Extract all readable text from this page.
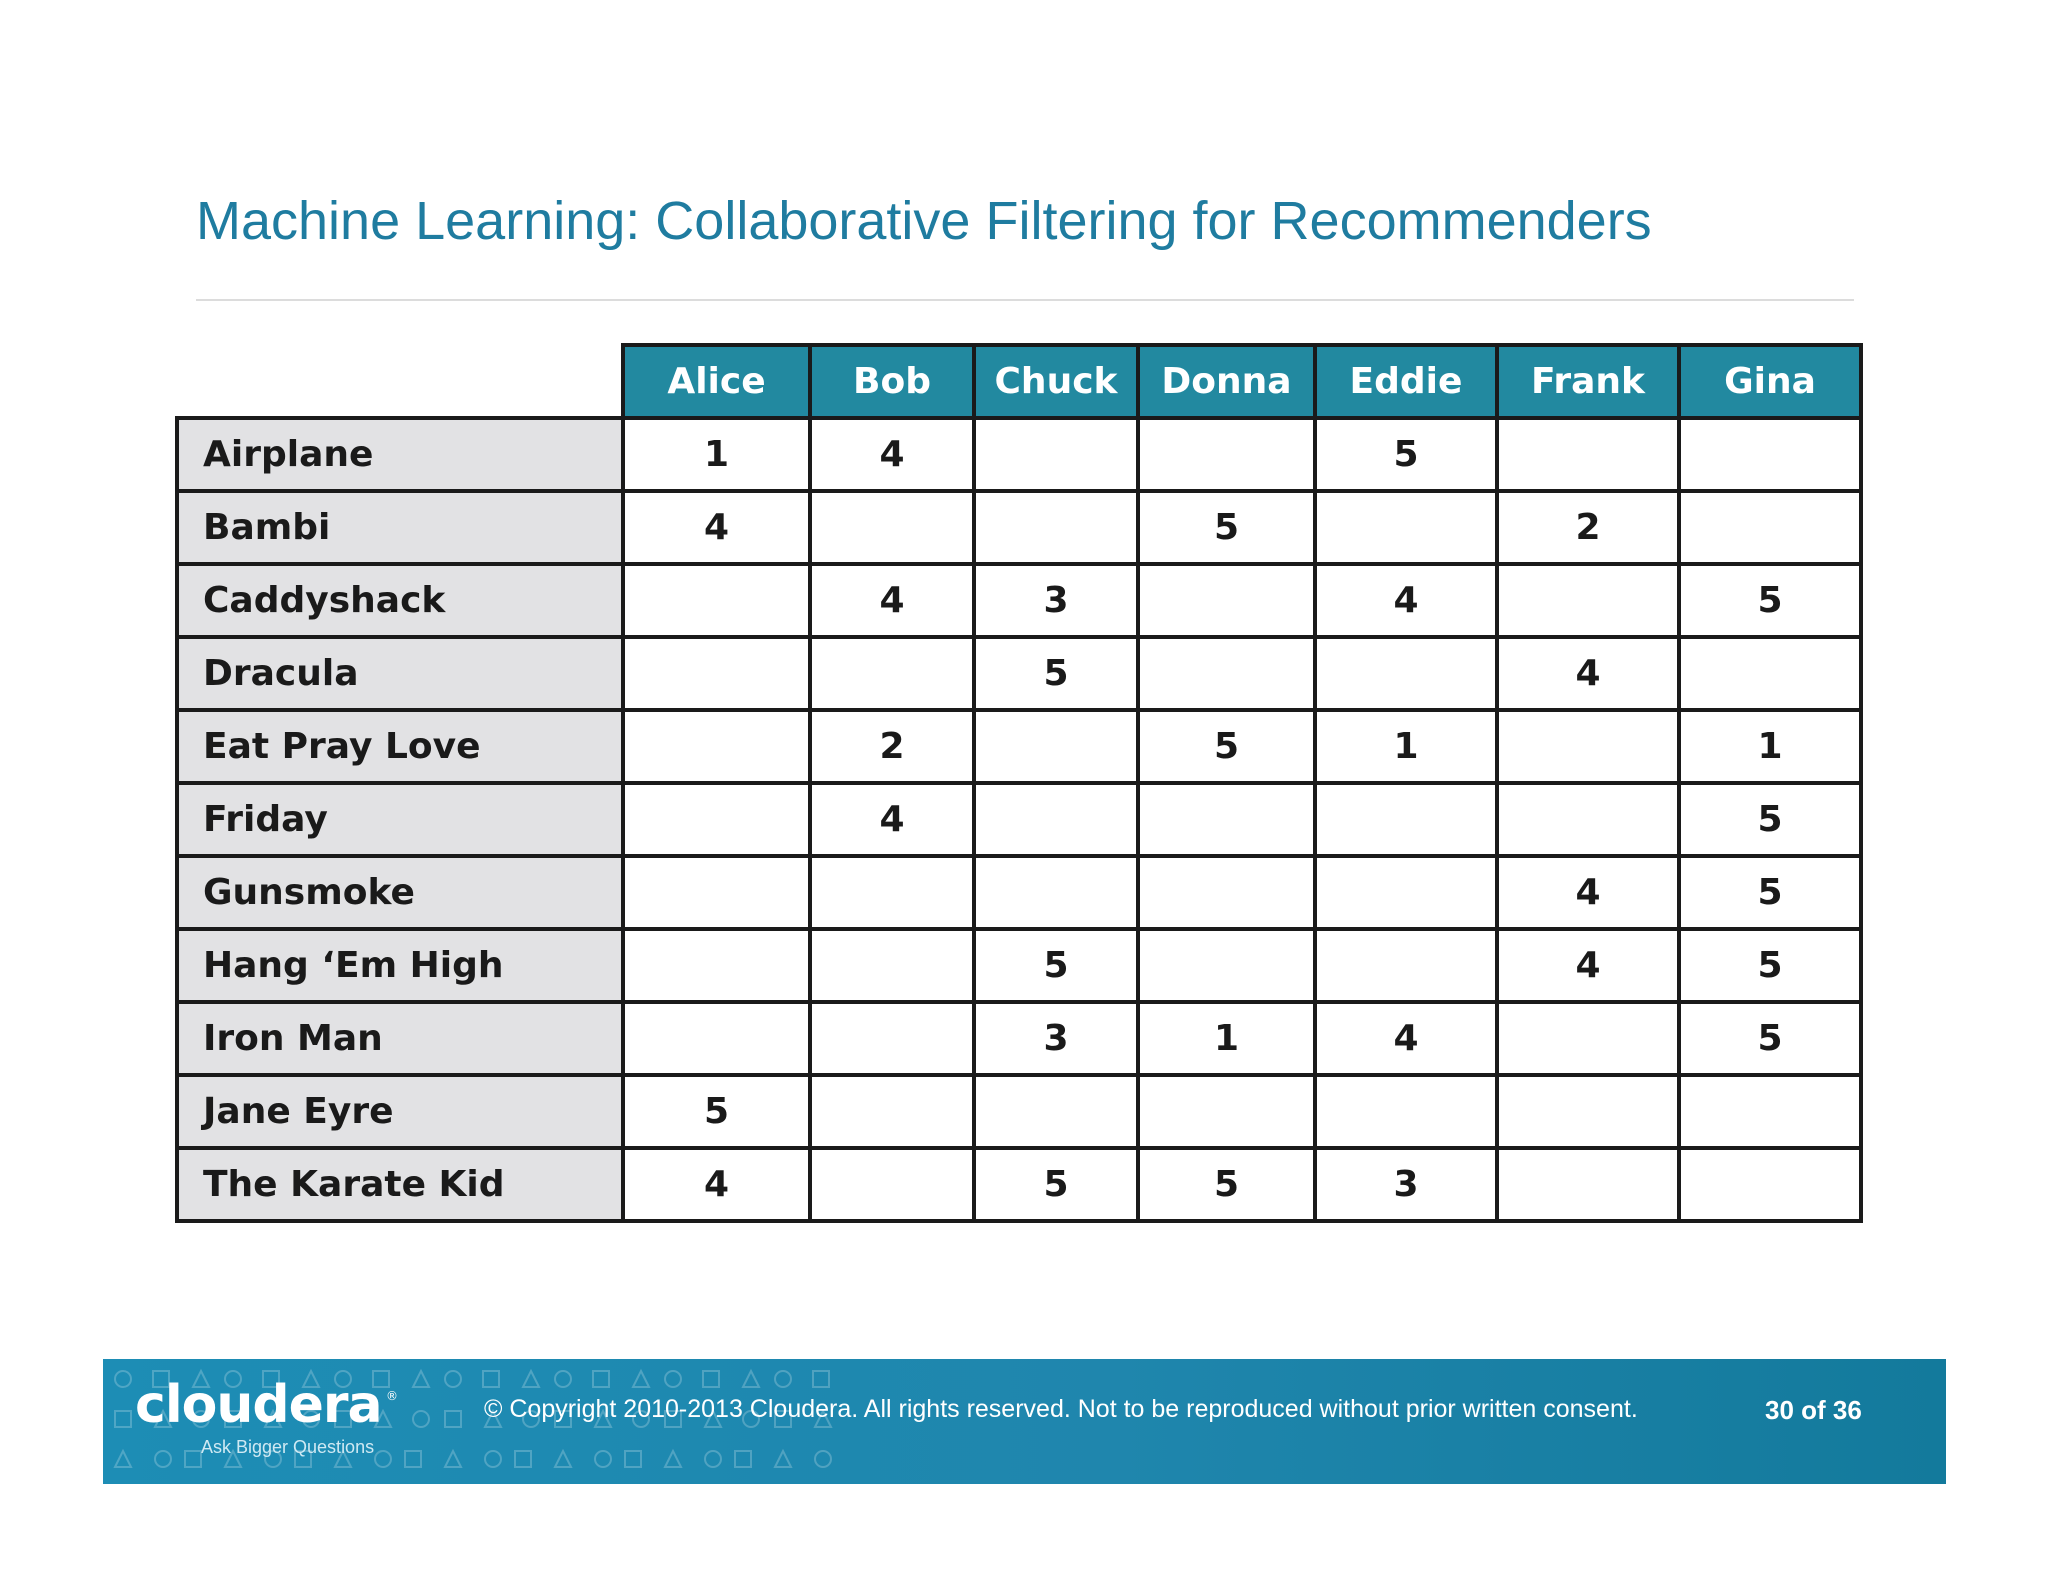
Machine Learning: Collaborative Filtering for Recommenders
	Alice	Bob	Chuck	Donna	Eddie	Frank	Gina
Airplane	1	4			5		
Bambi	4			5		2	
Caddyshack		4	3		4		5
Dracula			5			4	
Eat Pray Love		2		5	1		1
Friday		4					5
Gunsmoke						4	5
Hang ‘Em High			5			4	5
Iron Man			3	1	4		5
Jane Eyre	5						
The Karate Kid	4		5	5	3		
cloudera ®
Ask Bigger Questions
© Copyright 2010-2013 Cloudera. All rights reserved. Not to be reproduced without prior written consent.	30 of 36
